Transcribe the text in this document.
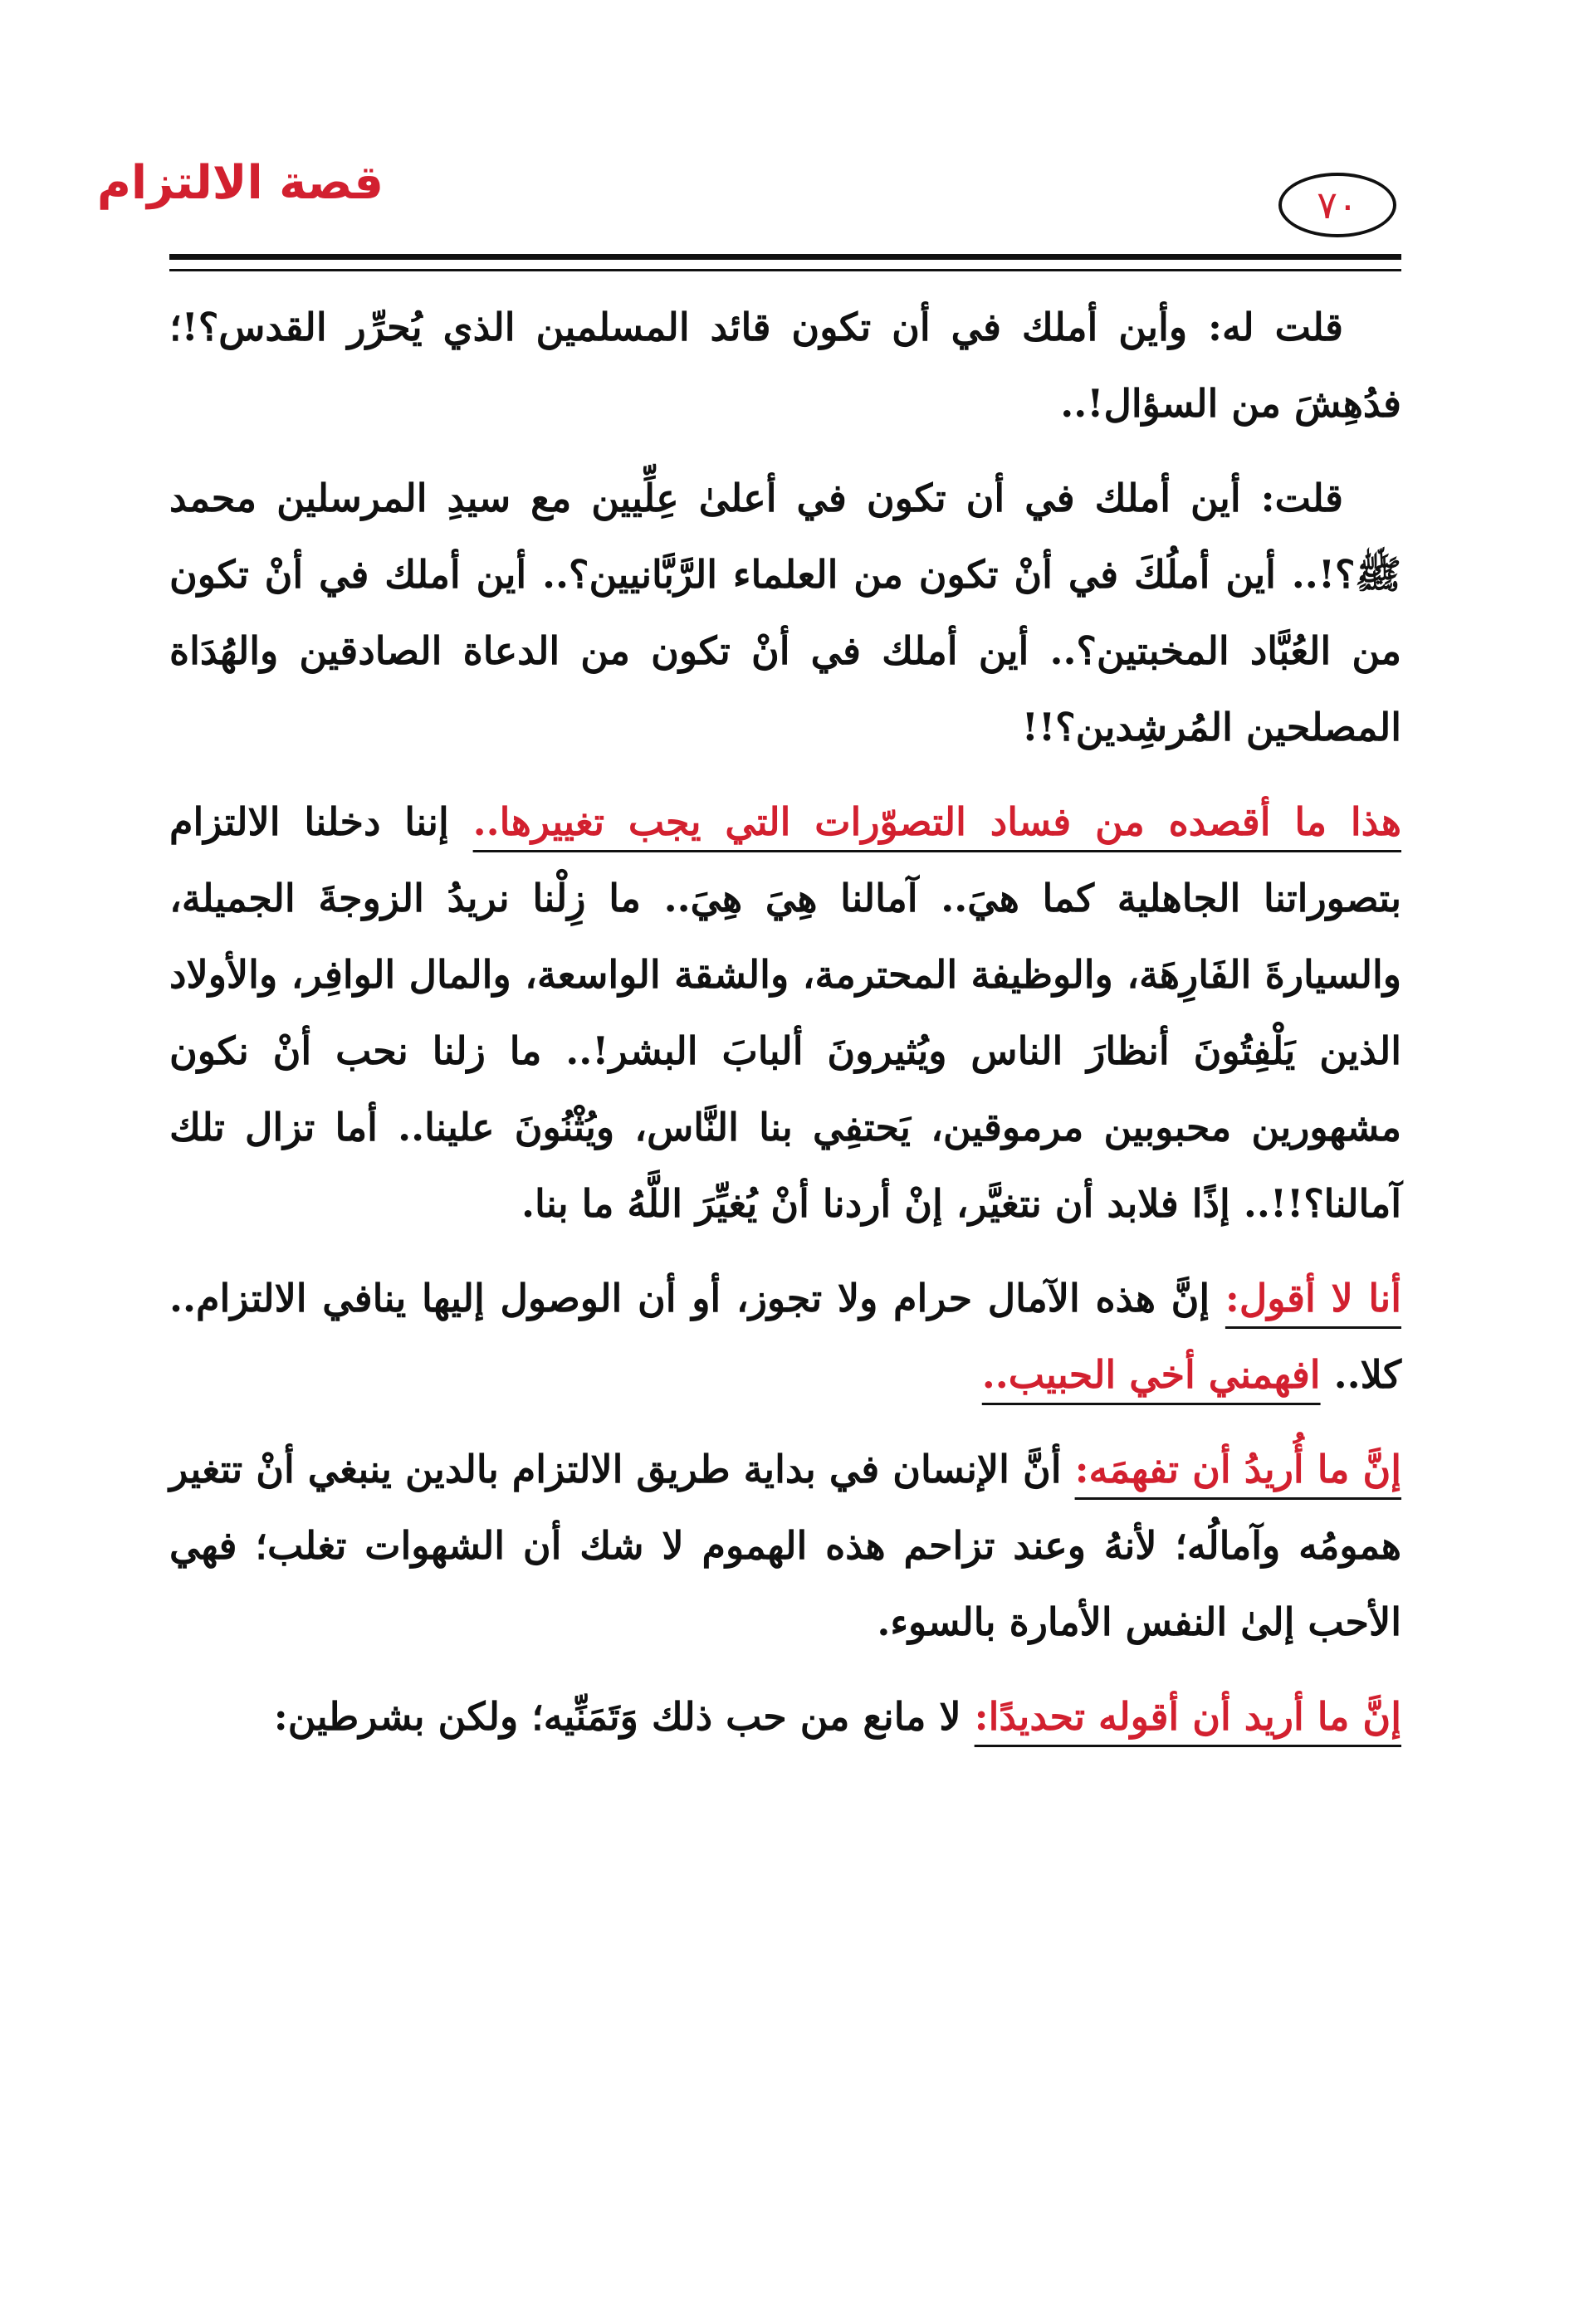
قصة الالتزام	٧٠

قلت له: وأين أملك في أن تكون قائد المسلمين الذي يُحرِّر القدس؟!؛ فدُهِشَ من السؤال!..

قلت: أين أملك في أن تكون في أعلىٰ عِلِّيين مع سيدِ المرسلين محمد ﷺ؟!.. أين أملُكَ في أنْ تكون من العلماء الرَّبَّانيين؟.. أين أملك في أنْ تكون من العُبَّاد المخبتين؟.. أين أملك في أنْ تكون من الدعاة الصادقين والهُدَاة المصلحين المُرشِدين؟!!

هذا ما أقصده من فساد التصوّرات التي يجب تغييرها.. إننا دخلنا الالتزام بتصوراتنا الجاهلية كما هيَ.. آمالنا هِيَ هِيَ.. ما زِلْنا نريدُ الزوجةَ الجميلة، والسيارةَ الفَارِهَة، والوظيفة المحترمة، والشقة الواسعة، والمال الوافِر، والأولاد الذين يَلْفِتُونَ أنظارَ الناس ويُثيرونَ ألبابَ البشر!.. ما زلنا نحب أنْ نكون مشهورين محبوبين مرموقين، يَحتفِي بنا النَّاس، ويُثْنُونَ علينا.. أما تزال تلك آمالنا؟!!.. إذًا فلابد أن نتغيَّر، إنْ أردنا أنْ يُغيِّرَ اللَّهُ ما بنا.

أنا لا أقول: إنَّ هذه الآمال حرام ولا تجوز، أو أن الوصول إليها ينافي الالتزام.. كلا.. افهمني أخي الحبيب..

إنَّ ما أُريدُ أن تفهمَه: أنَّ الإنسان في بداية طريق الالتزام بالدين ينبغي أنْ تتغير همومُه وآمالُه؛ لأنهُ وعند تزاحم هذه الهموم لا شك أن الشهوات تغلب؛ فهي الأحب إلىٰ النفس الأمارة بالسوء.

إنَّ ما أريد أن أقوله تحديدًا: لا مانع من حب ذلك وَتَمَنِّيه؛ ولكن بشرطين:
